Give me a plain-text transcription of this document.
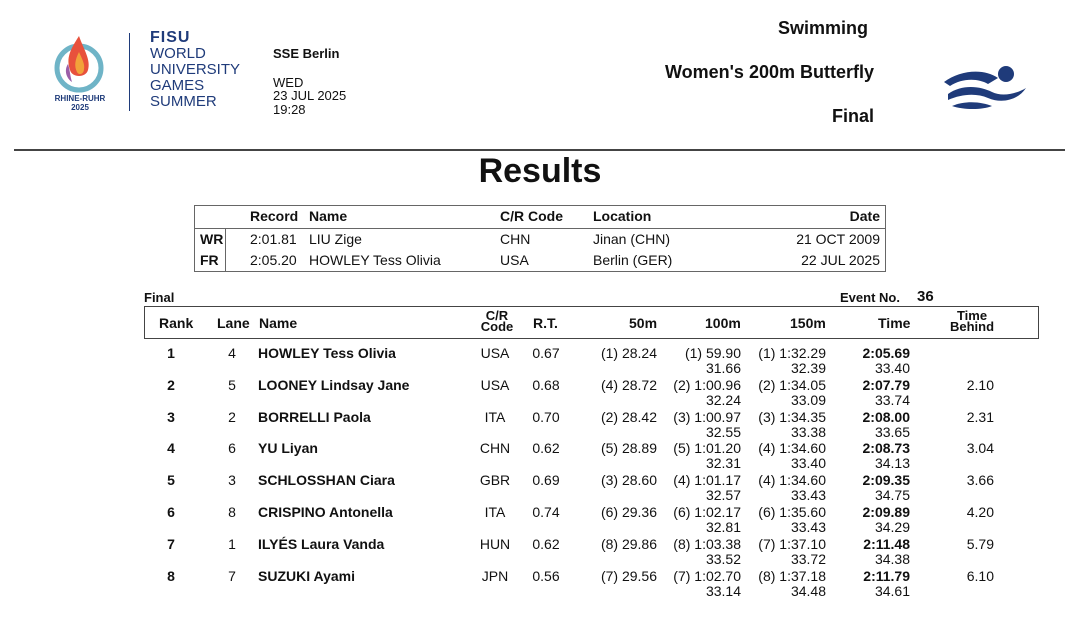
RHINE-RUHR
2025
FISU
WORLD
UNIVERSITY
GAMES
SUMMER
SSE Berlin
WED
23 JUL 2025
19:28
Swimming
Women's 200m Butterfly
Final
Results
Record Name	C/R Code Location	Date
WR 2:01.81 LIU Zige	CHN	Jinan (CHN)	21 OCT 2009
FR 2:05.20 HOWLEY Tess Olivia	USA	Berlin (GER)	22 JUL 2025
Final	Event No. 36
Rank Lane Name	C/R
Code R.T.	50m	100m	150m	Time	Time
Behind
1	4	HOWLEY Tess Olivia	USA	0.67	(1) 28.24	(1) 59.90	(1) 1:32.29	2:05.69
31.66	32.39	33.40
2	5	LOONEY Lindsay Jane	USA	0.68	(4) 28.72	(2) 1:00.96	(2) 1:34.05	2:07.79	2.10
32.24	33.09	33.74
3	2	BORRELLI Paola	ITA	0.70	(2) 28.42	(3) 1:00.97	(3) 1:34.35	2:08.00	2.31
32.55	33.38	33.65
4	6	YU Liyan	CHN	0.62	(5) 28.89	(5) 1:01.20	(4) 1:34.60	2:08.73	3.04
32.31	33.40	34.13
5	3	SCHLOSSHAN Ciara	GBR	0.69	(3) 28.60	(4) 1:01.17	(4) 1:34.60	2:09.35	3.66
32.57	33.43	34.75
6	8	CRISPINO Antonella	ITA	0.74	(6) 29.36	(6) 1:02.17	(6) 1:35.60	2:09.89	4.20
32.81	33.43	34.29
7	1	ILYÉS Laura Vanda	HUN	0.62	(8) 29.86	(8) 1:03.38	(7) 1:37.10	2:11.48	5.79
33.52	33.72	34.38
8	7	SUZUKI Ayami	JPN	0.56	(7) 29.56	(7) 1:02.70	(8) 1:37.18	2:11.79	6.10
33.14	34.48	34.61
